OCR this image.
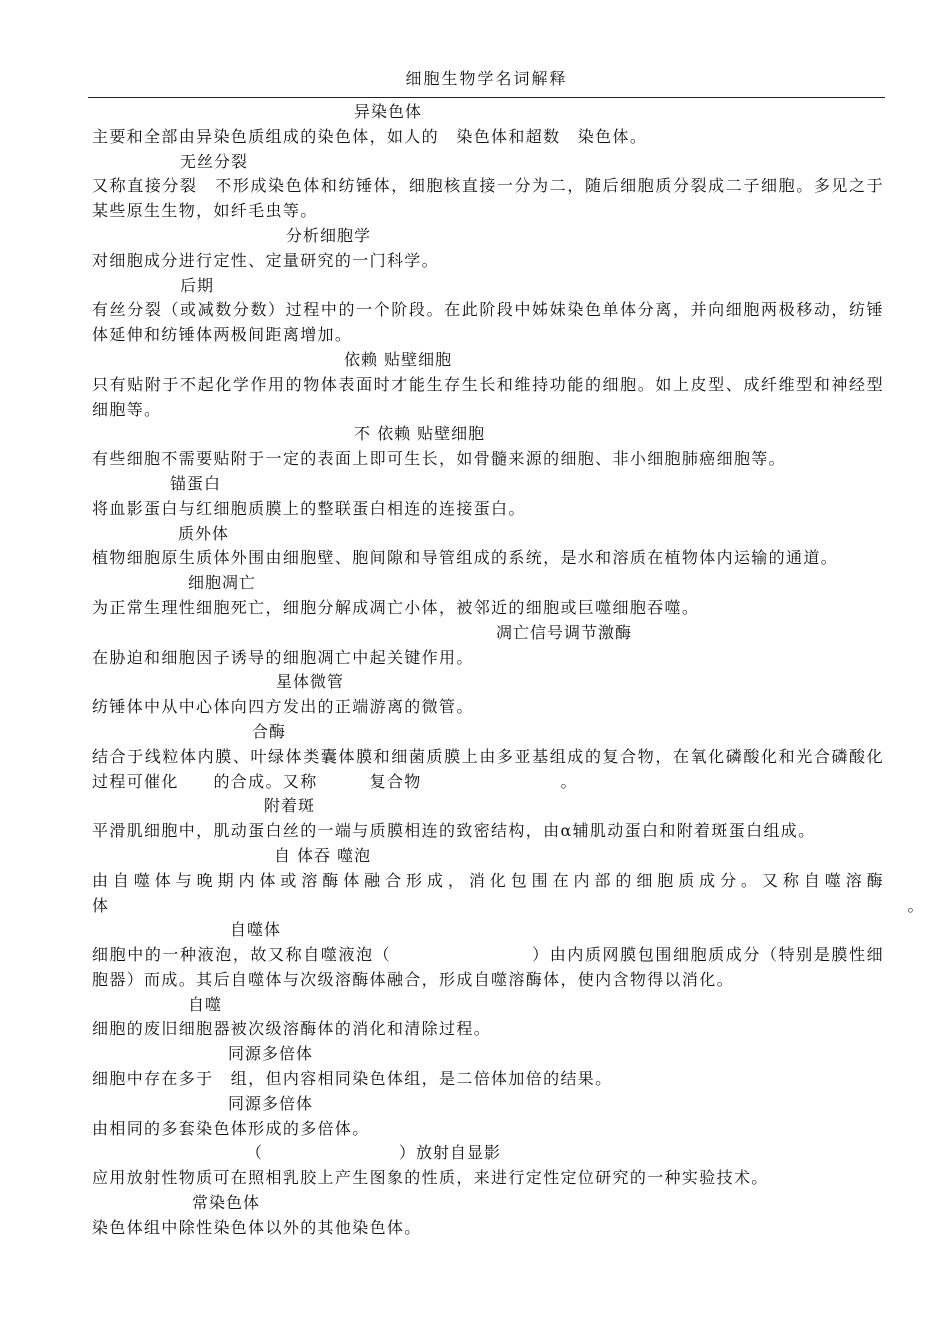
细胞生物学名词解释
异染色体
主要和全部由异染色质组成的染色体，如人的　染色体和超数　染色体。
无丝分裂
又称直接分裂　不形成染色体和纺锤体，细胞核直接一分为二，随后细胞质分裂成二子细胞。多见之于某些原生生物，如纤毛虫等。
分析细胞学
对细胞成分进行定性、定量研究的一门科学。
后期
有丝分裂（或减数分数）过程中的一个阶段。在此阶段中姊妹染色单体分离，并向细胞两极移动，纺锤体延伸和纺锤体两极间距离增加。
依赖 贴壁细胞
只有贴附于不起化学作用的物体表面时才能生存生长和维持功能的细胞。如上皮型、成纤维型和神经型细胞等。
不 依赖 贴壁细胞
有些细胞不需要贴附于一定的表面上即可生长，如骨髓来源的细胞、非小细胞肺癌细胞等。
锚蛋白
将血影蛋白与红细胞质膜上的整联蛋白相连的连接蛋白。
质外体
植物细胞原生质体外围由细胞壁、胞间隙和导管组成的系统，是水和溶质在植物体内运输的通道。
细胞凋亡
为正常生理性细胞死亡，细胞分解成凋亡小体，被邻近的细胞或巨噬细胞吞噬。
凋亡信号调节激酶
在胁迫和细胞因子诱导的细胞凋亡中起关键作用。
星体微管
纺锤体中从中心体向四方发出的正端游离的微管。
合酶
结合于线粒体内膜、叶绿体类囊体膜和细菌质膜上由多亚基组成的复合物，在氧化磷酸化和光合磷酸化过程可催化　　的合成。又称　　　复合物　　　　　　　　。
附着斑
平滑肌细胞中，肌动蛋白丝的一端与质膜相连的致密结构，由α辅肌动蛋白和附着斑蛋白组成。
自 体吞 噬泡
由自噬体与晚期内体或溶酶体融合形成，消化包围在内部的细胞质成分。又称自噬溶酶体　　　　　　　　　　　　　　　　　　　　　　　　　　　　　　　　　　　　　　　　　　　　　　。
自噬体
细胞中的一种液泡，故又称自噬液泡（　　　　　　　　）由内质网膜包围细胞质成分（特别是膜性细胞器）而成。其后自噬体与次级溶酶体融合，形成自噬溶酶体，使内含物得以消化。
自噬
细胞的废旧细胞器被次级溶酶体的消化和清除过程。
同源多倍体
细胞中存在多于　组，但内容相同染色体组，是二倍体加倍的结果。
同源多倍体
由相同的多套染色体形成的多倍体。
（　　　　　　　　）放射自显影
应用放射性物质可在照相乳胶上产生图象的性质，来进行定性定位研究的一种实验技术。
常染色体
染色体组中除性染色体以外的其他染色体。
